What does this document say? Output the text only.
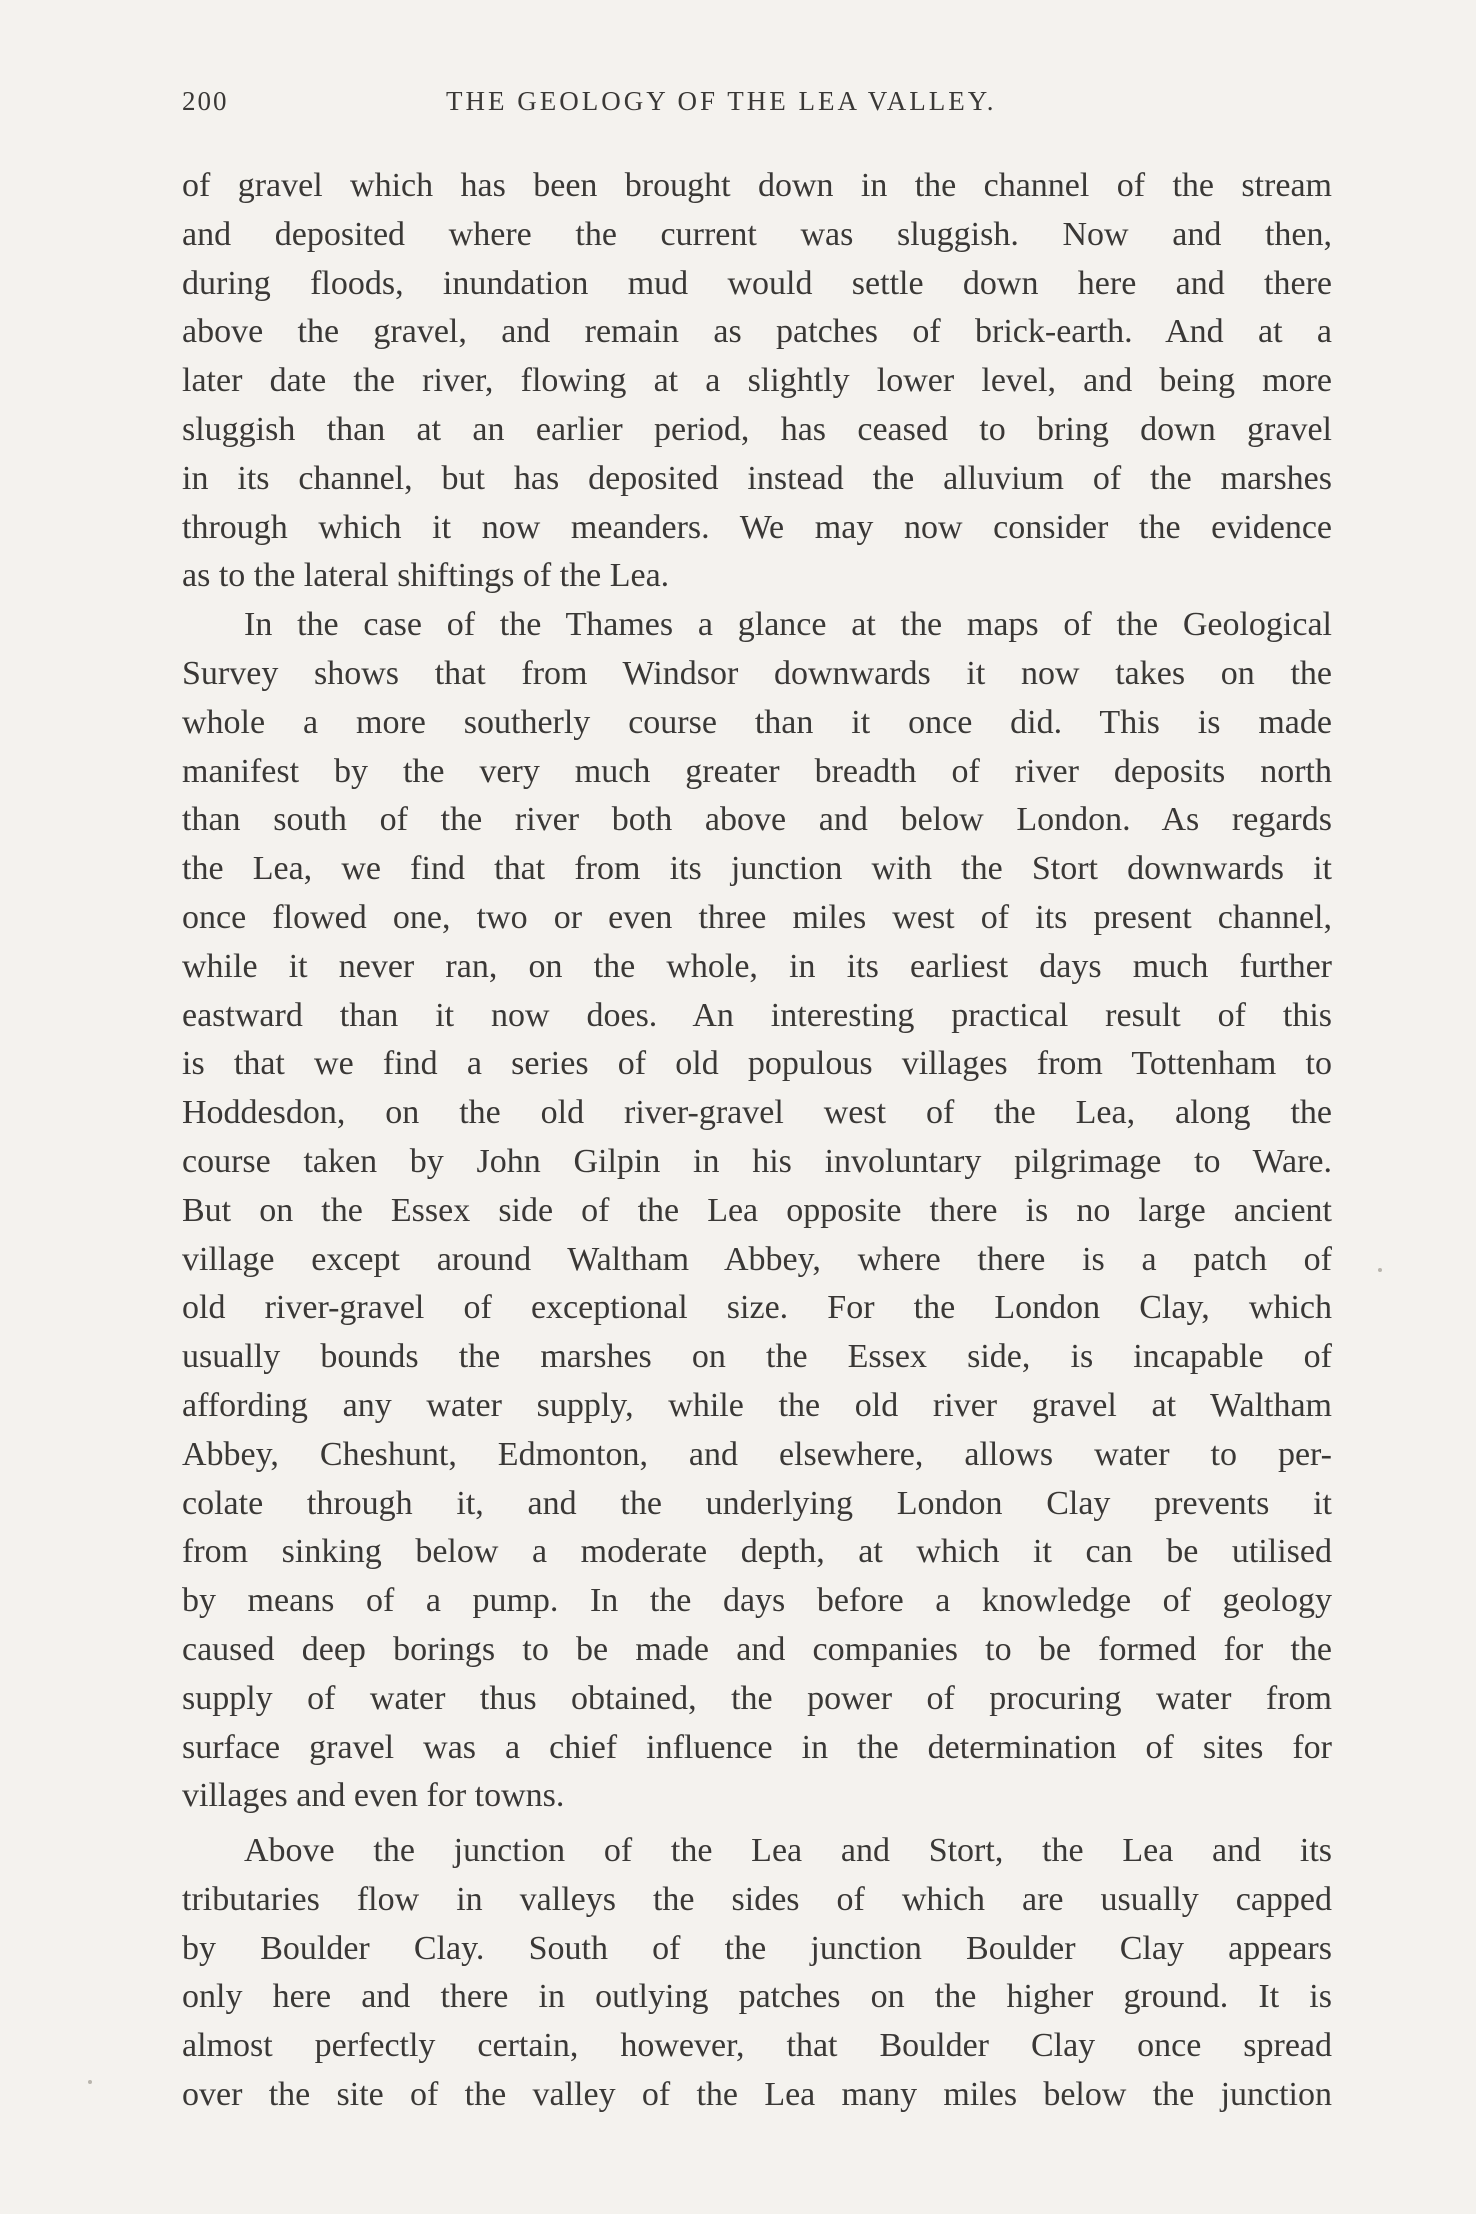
200	THE GEOLOGY OF THE LEA VALLEY.
of gravel which has been brought down in the channel of the stream
and deposited where the current was sluggish. Now and then,
during floods, inundation mud would settle down here and there
above the gravel, and remain as patches of brick-earth. And at a
later date the river, flowing at a slightly lower level, and being more
sluggish than at an earlier period, has ceased to bring down gravel
in its channel, but has deposited instead the alluvium of the marshes
through which it now meanders. We may now consider the evidence
as to the lateral shiftings of the Lea.
In the case of the Thames a glance at the maps of the Geological
Survey shows that from Windsor downwards it now takes on the
whole a more southerly course than it once did. This is made
manifest by the very much greater breadth of river deposits north
than south of the river both above and below London. As regards
the Lea, we find that from its junction with the Stort downwards it
once flowed one, two or even three miles west of its present channel,
while it never ran, on the whole, in its earliest days much further
eastward than it now does. An interesting practical result of this
is that we find a series of old populous villages from Tottenham to
Hoddesdon, on the old river-gravel west of the Lea, along the
course taken by John Gilpin in his involuntary pilgrimage to Ware.
But on the Essex side of the Lea opposite there is no large ancient
village except around Waltham Abbey, where there is a patch of
old river-gravel of exceptional size. For the London Clay, which
usually bounds the marshes on the Essex side, is incapable of
affording any water supply, while the old river gravel at Waltham
Abbey, Cheshunt, Edmonton, and elsewhere, allows water to per-
colate through it, and the underlying London Clay prevents it
from sinking below a moderate depth, at which it can be utilised
by means of a pump. In the days before a knowledge of geology
caused deep borings to be made and companies to be formed for the
supply of water thus obtained, the power of procuring water from
surface gravel was a chief influence in the determination of sites for
villages and even for towns.
Above the junction of the Lea and Stort, the Lea and its
tributaries flow in valleys the sides of which are usually capped
by Boulder Clay. South of the junction Boulder Clay appears
only here and there in outlying patches on the higher ground. It is
almost perfectly certain, however, that Boulder Clay once spread
over the site of the valley of the Lea many miles below the junction
